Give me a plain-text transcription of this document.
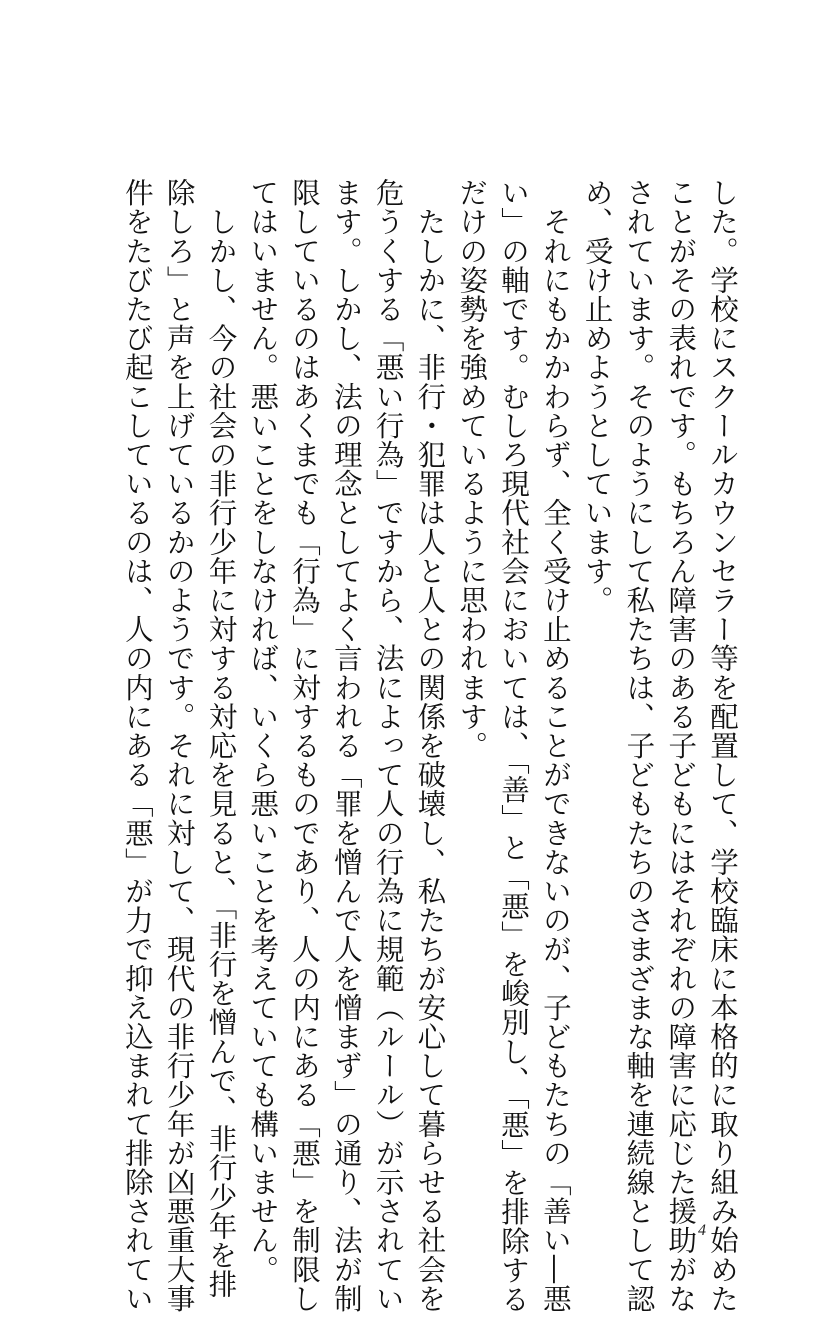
した。学校にスクールカウンセラー等を配置して、学校臨床に本格的に取り組み始めた
ことがその表れです。もちろん障害のある子どもにはそれぞれの障害に応じた援助がな
されています。そのようにして私たちは、子どもたちのさまざまな軸を連続線として認
め、受け止めようとしています。
　それにもかかわらず、全く受け止めることができないのが、子どもたちの「善い―悪
い」の軸です。むしろ現代社会においては、「善」と「悪」を峻別し、「悪」を排除する
だけの姿勢を強めているように思われます。
　たしかに、非行・犯罪は人と人との関係を破壊し、私たちが安心して暮らせる社会を
危うくする「悪い行為」ですから、法によって人の行為に規範（ルール）が示されてい
ます。しかし、法の理念としてよく言われる「罪を憎んで人を憎まず」の通り、法が制
限しているのはあくまでも「行為」に対するものであり、人の内にある「悪」を制限し
てはいません。悪いことをしなければ、いくら悪いことを考えていても構いません。
　しかし、今の社会の非行少年に対する対応を見ると、「非行を憎んで、非行少年を排
除しろ」と声を上げているかのようです。それに対して、現代の非行少年が凶悪重大事
件をたびたび起こしているのは、人の内にある「悪」が力で抑え込まれて排除されてい	4
